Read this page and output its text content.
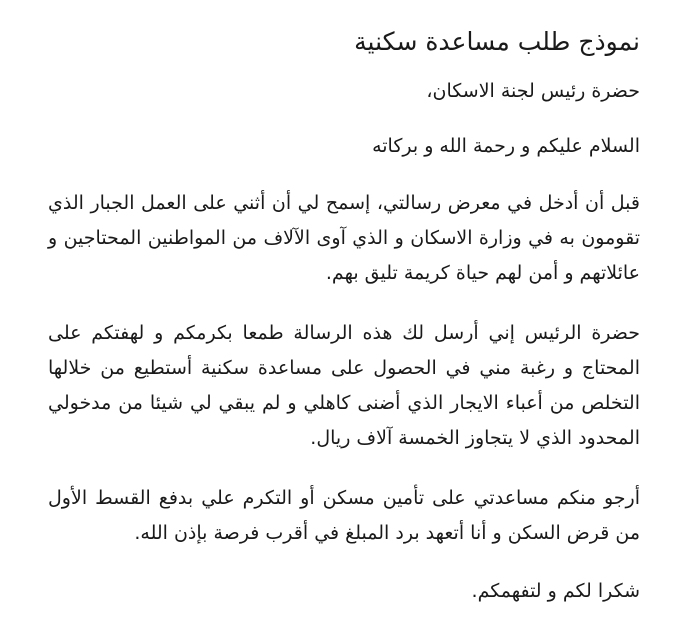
نموذج طلب مساعدة سكنية

حضرة رئيس لجنة الاسكان،

السلام عليكم و رحمة الله و بركاته

قبل أن أدخل في معرض رسالتي، إسمح لي أن أثني على العمل الجبار الذي تقومون به في وزارة الاسكان و الذي آوى الآلاف من المواطنين المحتاجين و عائلاتهم و أمن لهم حياة كريمة تليق بهم.

حضرة الرئيس إني أرسل لك هذه الرسالة طمعا بكرمكم و لهفتكم على المحتاج و رغبة مني في الحصول على مساعدة سكنية أستطيع من خلالها التخلص من أعباء الايجار الذي أضنى كاهلي و لم يبقي لي شيئا من مدخولي المحدود الذي لا يتجاوز الخمسة آلاف ريال.

أرجو منكم مساعدتي على تأمين مسكن أو التكرم علي بدفع القسط الأول من قرض السكن و أنا أتعهد برد المبلغ في أقرب فرصة بإذن الله.

شكرا لكم و لتفهمكم.
